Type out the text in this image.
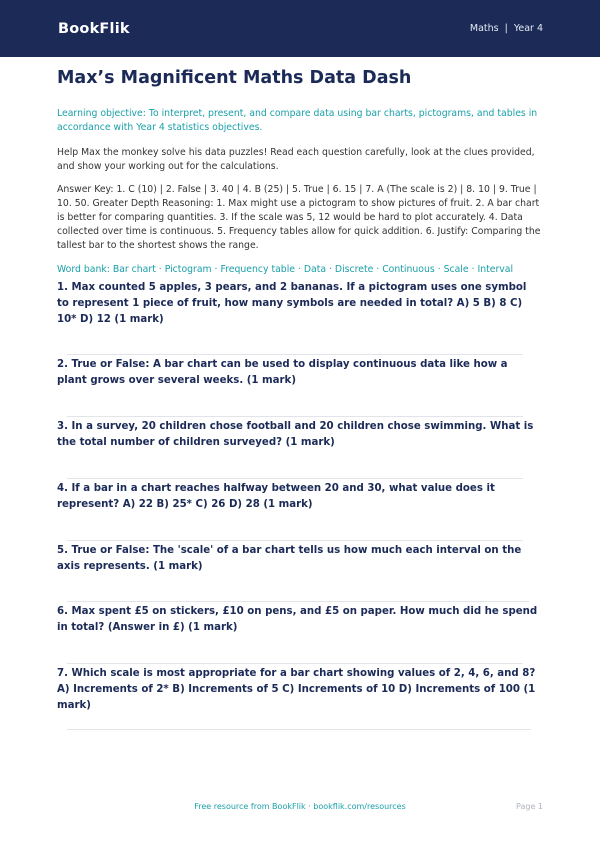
BookFlik	Maths | Year 4
Max’s Magnificent Maths Data Dash

Learning objective: To interpret, present, and compare data using bar charts, pictograms, and tables in accordance with Year 4 statistics objectives.

Help Max the monkey solve his data puzzles! Read each question carefully, look at the clues provided, and show your working out for the calculations.

Answer Key: 1. C (10) | 2. False | 3. 40 | 4. B (25) | 5. True | 6. 15 | 7. A (The scale is 2) | 8. 10 | 9. True | 10. 50. Greater Depth Reasoning: 1. Max might use a pictogram to show pictures of fruit. 2. A bar chart is better for comparing quantities. 3. If the scale was 5, 12 would be hard to plot accurately. 4. Data collected over time is continuous. 5. Frequency tables allow for quick addition. 6. Justify: Comparing the tallest bar to the shortest shows the range.

Word bank: Bar chart · Pictogram · Frequency table · Data · Discrete · Continuous · Scale · Interval

1. Max counted 5 apples, 3 pears, and 2 bananas. If a pictogram uses one symbol to represent 1 piece of fruit, how many symbols are needed in total? A) 5 B) 8 C) 10* D) 12 (1 mark)
2. True or False: A bar chart can be used to display continuous data like how a plant grows over several weeks. (1 mark)
3. In a survey, 20 children chose football and 20 children chose swimming. What is the total number of children surveyed? (1 mark)
4. If a bar in a chart reaches halfway between 20 and 30, what value does it represent? A) 22 B) 25* C) 26 D) 28 (1 mark)
5. True or False: The 'scale' of a bar chart tells us how much each interval on the axis represents. (1 mark)
6. Max spent £5 on stickers, £10 on pens, and £5 on paper. How much did he spend in total? (Answer in £) (1 mark)
7. Which scale is most appropriate for a bar chart showing values of 2, 4, 6, and 8? A) Increments of 2* B) Increments of 5 C) Increments of 10 D) Increments of 100 (1 mark)
Free resource from BookFlik · bookflik.com/resources	Page 1
